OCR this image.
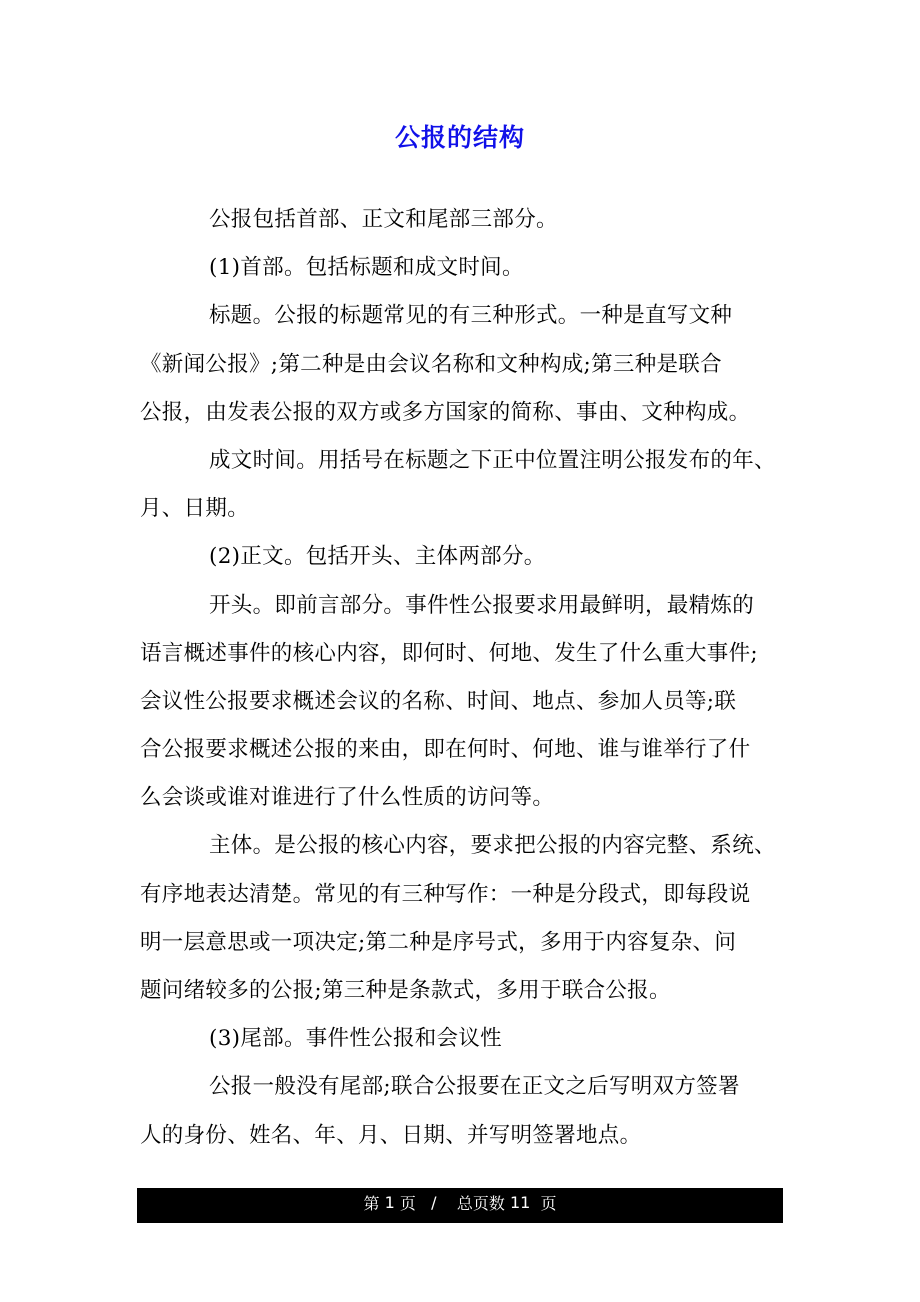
公报的结构
公报包括首部、正文和尾部三部分。
(1)首部。包括标题和成文时间。
标题。公报的标题常见的有三种形式。一种是直写文种
《新闻公报》;第二种是由会议名称和文种构成;第三种是联合
公报，由发表公报的双方或多方国家的简称、事由、文种构成。
成文时间。用括号在标题之下正中位置注明公报发布的年、
月、日期。
(2)正文。包括开头、主体两部分。
开头。即前言部分。事件性公报要求用最鲜明，最精炼的
语言概述事件的核心内容，即何时、何地、发生了什么重大事件;
会议性公报要求概述会议的名称、时间、地点、参加人员等;联
合公报要求概述公报的来由，即在何时、何地、谁与谁举行了什
么会谈或谁对谁进行了什么性质的访问等。
主体。是公报的核心内容，要求把公报的内容完整、系统、
有序地表达清楚。常见的有三种写作：一种是分段式，即每段说
明一层意思或一项决定;第二种是序号式，多用于内容复杂、问
题问绪较多的公报;第三种是条款式，多用于联合公报。
(3)尾部。事件性公报和会议性
公报一般没有尾部;联合公报要在正文之后写明双方签署
人的身份、姓名、年、月、日期、并写明签署地点。
第 1 页 / 总页数 11 页
